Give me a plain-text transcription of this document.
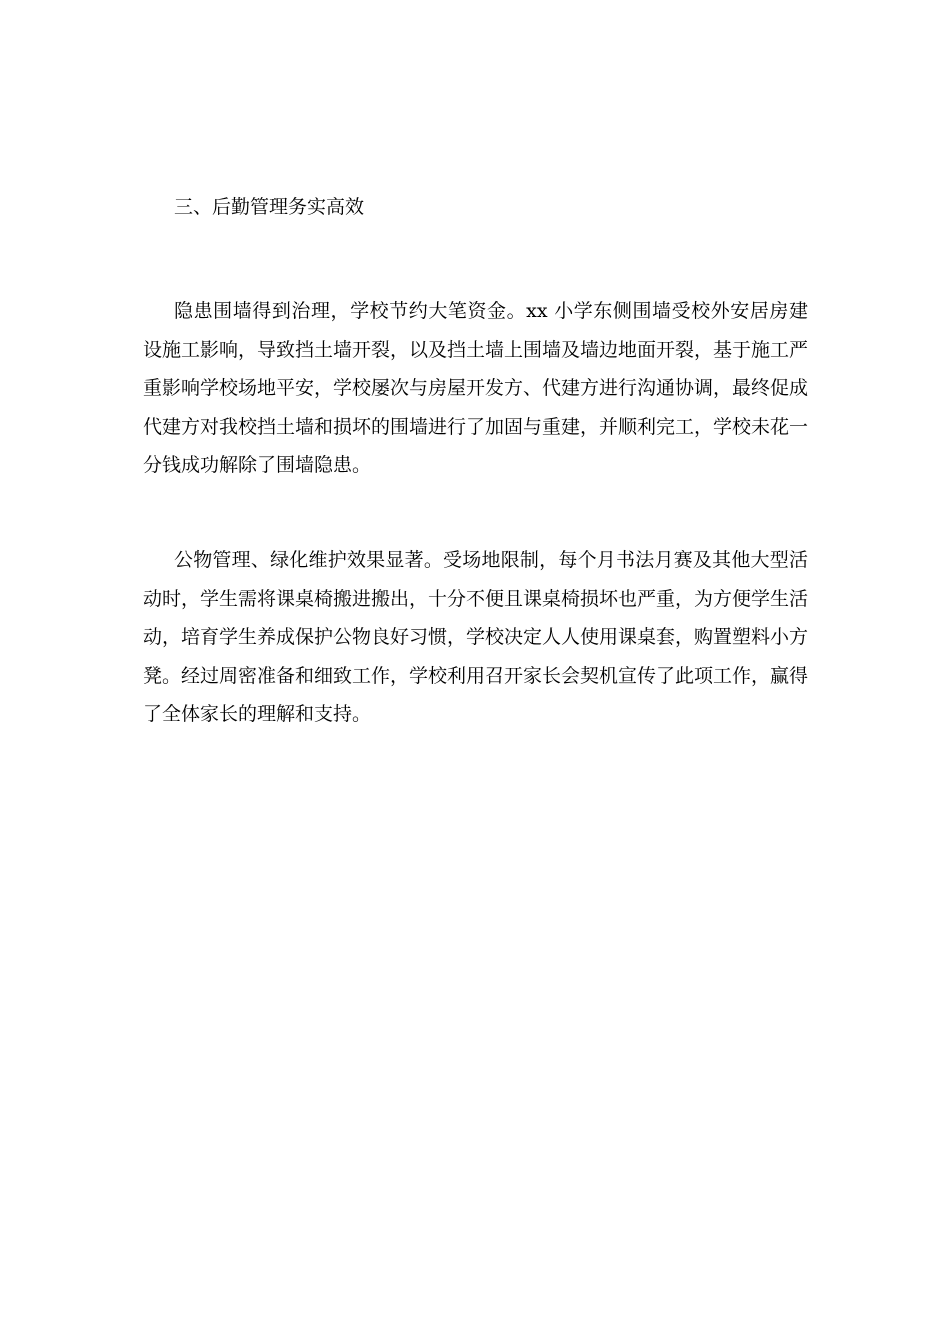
三、后勤管理务实高效

隐患围墙得到治理，学校节约大笔资金。xx 小学东侧围墙受校外安居房建设施工影响，导致挡土墙开裂，以及挡土墙上围墙及墙边地面开裂，基于施工严重影响学校场地平安，学校屡次与房屋开发方、代建方进行沟通协调，最终促成代建方对我校挡土墙和损坏的围墙进行了加固与重建，并顺利完工，学校未花一分钱成功解除了围墙隐患。

公物管理、绿化维护效果显著。受场地限制，每个月书法月赛及其他大型活动时，学生需将课桌椅搬进搬出，十分不便且课桌椅损坏也严重，为方便学生活动，培育学生养成保护公物良好习惯，学校决定人人使用课桌套，购置塑料小方凳。经过周密准备和细致工作，学校利用召开家长会契机宣传了此项工作，赢得了全体家长的理解和支持。
